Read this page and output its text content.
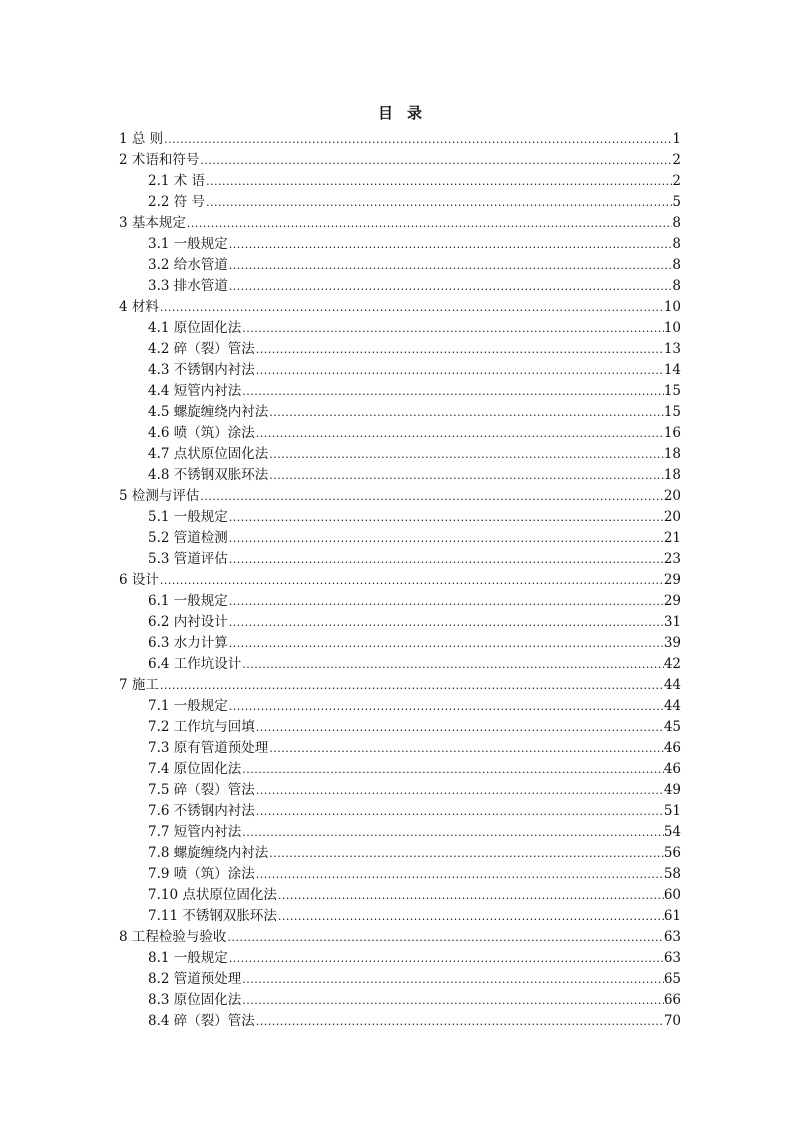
目录
1 总 则 .....	1
2 术语和符号 .....	2
2.1 术 语 .....	2
2.2 符 号 .....	5
3 基本规定 .....	8
3.1 一般规定 .....	8
3.2 给水管道 .....	8
3.3 排水管道 .....	8
4 材料 .....	10
4.1 原位固化法 .....	10
4.2 碎（裂）管法 .....	13
4.3 不锈钢内衬法 .....	14
4.4 短管内衬法 .....	15
4.5 螺旋缠绕内衬法 .....	15
4.6 喷（筑）涂法 .....	16
4.7 点状原位固化法 .....	18
4.8 不锈钢双胀环法 .....	18
5 检测与评估 .....	20
5.1 一般规定 .....	20
5.2 管道检测 .....	21
5.3 管道评估 .....	23
6 设计 .....	29
6.1 一般规定 .....	29
6.2 内衬设计 .....	31
6.3 水力计算 .....	39
6.4 工作坑设计 .....	42
7 施工 .....	44
7.1 一般规定 .....	44
7.2 工作坑与回填 .....	45
7.3 原有管道预处理 .....	46
7.4 原位固化法 .....	46
7.5 碎（裂）管法 .....	49
7.6 不锈钢内衬法 .....	51
7.7 短管内衬法 .....	54
7.8 螺旋缠绕内衬法 .....	56
7.9 喷（筑）涂法 .....	58
7.10 点状原位固化法 .....	60
7.11 不锈钢双胀环法 .....	61
8 工程检验与验收 .....	63
8.1 一般规定 .....	63
8.2 管道预处理 .....	65
8.3 原位固化法 .....	66
8.4 碎（裂）管法 .....	70
